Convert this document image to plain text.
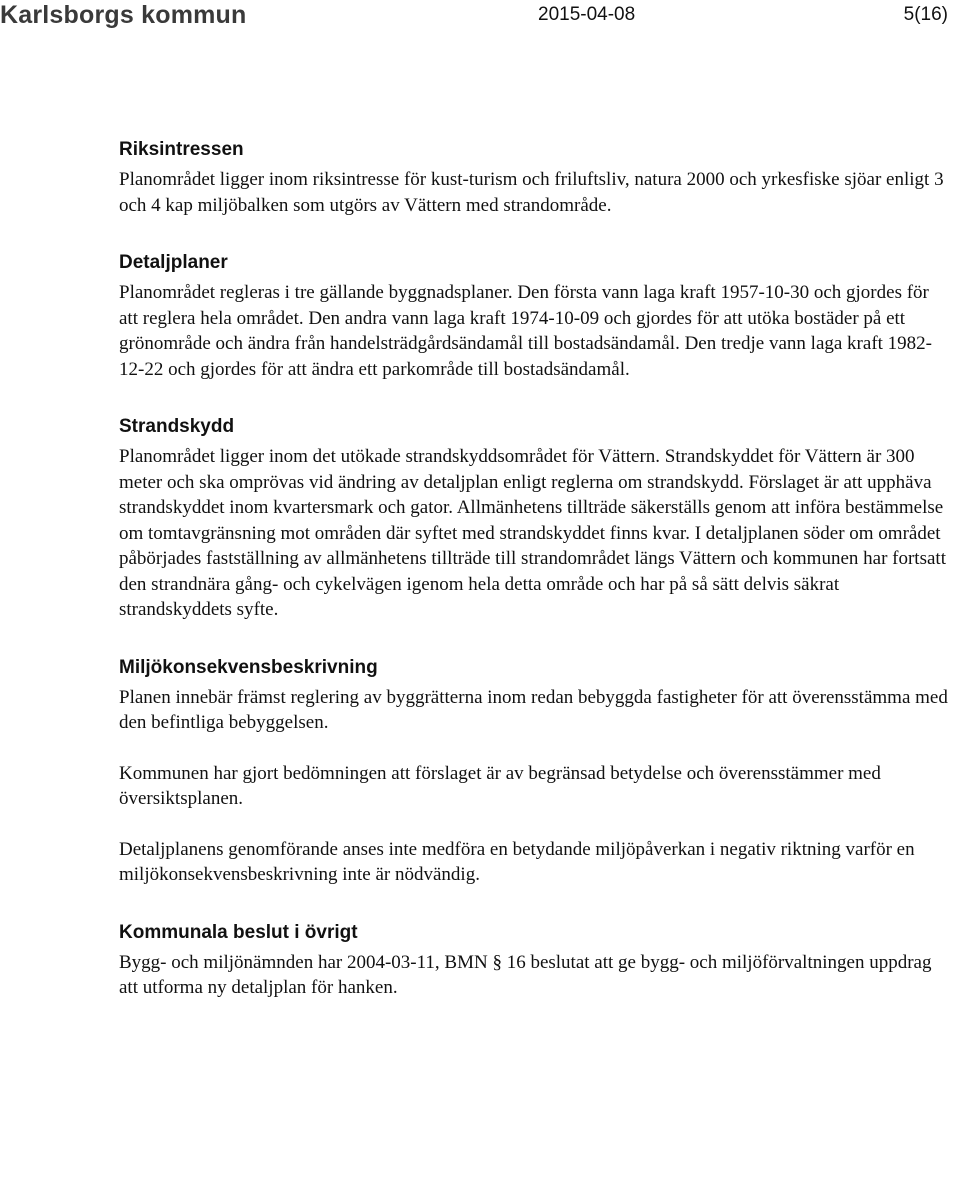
Karlsborgs kommun	2015-04-08	5(16)
Riksintressen

Planområdet ligger inom riksintresse för kust-turism och friluftsliv, natura 2000 och yrkesfiske sjöar enligt 3 och 4 kap miljöbalken som utgörs av Vättern med strandområde.

Detaljplaner

Planområdet regleras i tre gällande byggnadsplaner. Den första vann laga kraft 1957-10-30 och gjordes för att reglera hela området. Den andra vann laga kraft 1974-10-09 och gjordes för att utöka bostäder på ett grönområde och ändra från handelsträdgårdsändamål till bostadsändamål. Den tredje vann laga kraft 1982-12-22 och gjordes för att ändra ett parkområde till bostadsändamål.

Strandskydd

Planområdet ligger inom det utökade strandskyddsområdet för Vättern. Strandskyddet för Vättern är 300 meter och ska omprövas vid ändring av detaljplan enligt reglerna om strandskydd. Förslaget är att upphäva strandskyddet inom kvartersmark och gator. Allmänhetens tillträde säkerställs genom att införa bestämmelse om tomtavgränsning mot områden där syftet med strandskyddet finns kvar. I detaljplanen söder om området påbörjades fastställning av allmänhetens tillträde till strandområdet längs Vättern och kommunen har fortsatt den strandnära gång- och cykelvägen igenom hela detta område och har på så sätt delvis säkrat strandskyddets syfte.

Miljökonsekvensbeskrivning

Planen innebär främst reglering av byggrätterna inom redan bebyggda fastigheter för att överensstämma med den befintliga bebyggelsen.

Kommunen har gjort bedömningen att förslaget är av begränsad betydelse och överensstämmer med översiktsplanen.

Detaljplanens genomförande anses inte medföra en betydande miljöpåverkan i negativ riktning varför en miljökonsekvensbeskrivning inte är nödvändig.

Kommunala beslut i övrigt

Bygg- och miljönämnden har 2004-03-11, BMN § 16 beslutat att ge bygg- och miljöförvaltningen uppdrag att utforma ny detaljplan för hanken.
